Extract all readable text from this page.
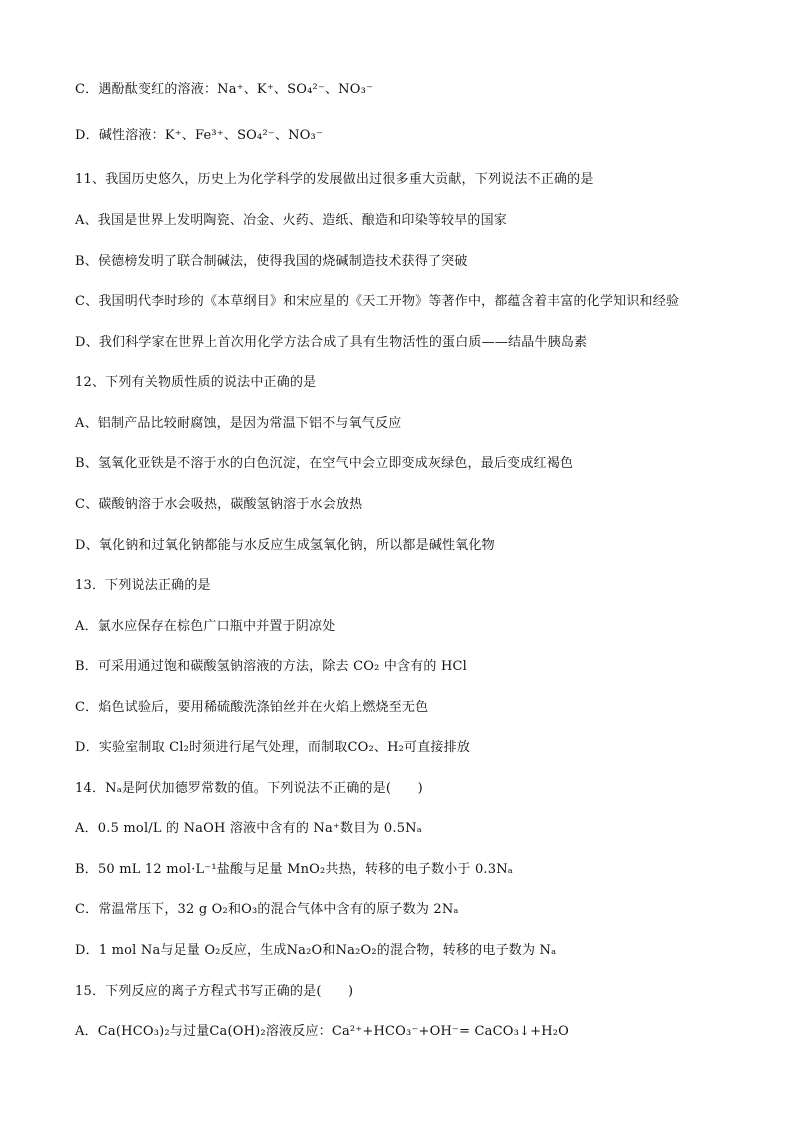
C．遇酚酞变红的溶液：Na⁺、K⁺、SO₄²⁻、NO₃⁻
D．碱性溶液：K⁺、Fe³⁺、SO₄²⁻、NO₃⁻
11、我国历史悠久，历史上为化学科学的发展做出过很多重大贡献，下列说法不正确的是
A、我国是世界上发明陶瓷、冶金、火药、造纸、酿造和印染等较早的国家
B、侯德榜发明了联合制碱法，使得我国的烧碱制造技术获得了突破
C、我国明代李时珍的《本草纲目》和宋应星的《天工开物》等著作中，都蕴含着丰富的化学知识和经验
D、我们科学家在世界上首次用化学方法合成了具有生物活性的蛋白质——结晶牛胰岛素
12、下列有关物质性质的说法中正确的是
A、铝制产品比较耐腐蚀，是因为常温下铝不与氧气反应
B、氢氧化亚铁是不溶于水的白色沉淀，在空气中会立即变成灰绿色，最后变成红褐色
C、碳酸钠溶于水会吸热，碳酸氢钠溶于水会放热
D、氧化钠和过氧化钠都能与水反应生成氢氧化钠，所以都是碱性氧化物
13．下列说法正确的是
A．氯水应保存在棕色广口瓶中并置于阴凉处
B．可采用通过饱和碳酸氢钠溶液的方法，除去 CO₂ 中含有的 HCl
C．焰色试验后，要用稀硫酸洗涤铂丝并在火焰上燃烧至无色
D．实验室制取 Cl₂时须进行尾气处理，而制取CO₂、H₂可直接排放
14．Nₐ是阿伏加德罗常数的值。下列说法不正确的是(　　)
A．0.5 mol/L 的 NaOH 溶液中含有的 Na⁺数目为 0.5Nₐ
B．50 mL 12 mol·L⁻¹盐酸与足量 MnO₂共热，转移的电子数小于 0.3Nₐ
C．常温常压下，32 g O₂和O₃的混合气体中含有的原子数为 2Nₐ
D．1 mol Na与足量 O₂反应，生成Na₂O和Na₂O₂的混合物，转移的电子数为 Nₐ
15．下列反应的离子方程式书写正确的是(　　)
A．Ca(HCO₃)₂与过量Ca(OH)₂溶液反应：Ca²⁺+HCO₃⁻+OH⁻= CaCO₃↓+H₂O
